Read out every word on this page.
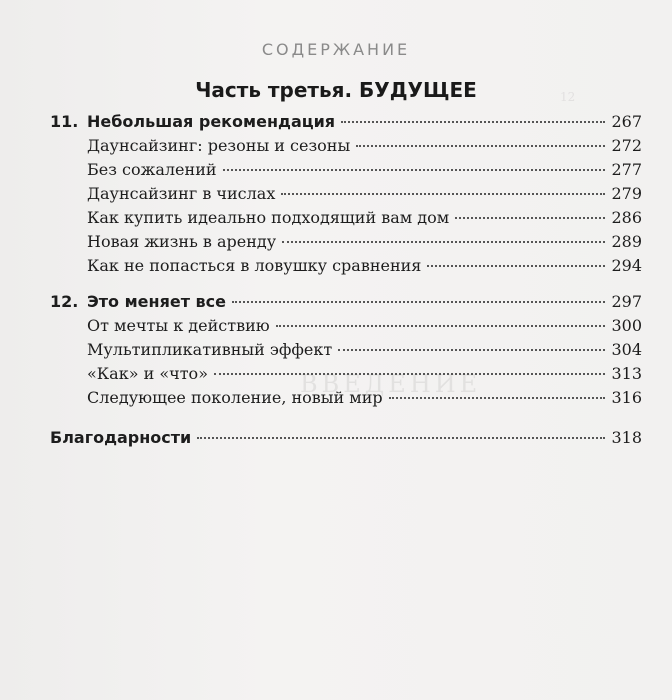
12
ВВЕДЕНИЕ
СОДЕРЖАНИЕ
Часть третья. БУДУЩЕЕ
11. Небольшая рекомендация	267
Даунсайзинг: резоны и сезоны	272
Без сожалений	277
Даунсайзинг в числах	279
Как купить идеально подходящий вам дом	286
Новая жизнь в аренду	289
Как не попасться в ловушку сравнения	294
12. Это меняет все	297
От мечты к действию	300
Мультипликативный эффект	304
«Как» и «что»	313
Следующее поколение, новый мир	316
Благодарности	318
